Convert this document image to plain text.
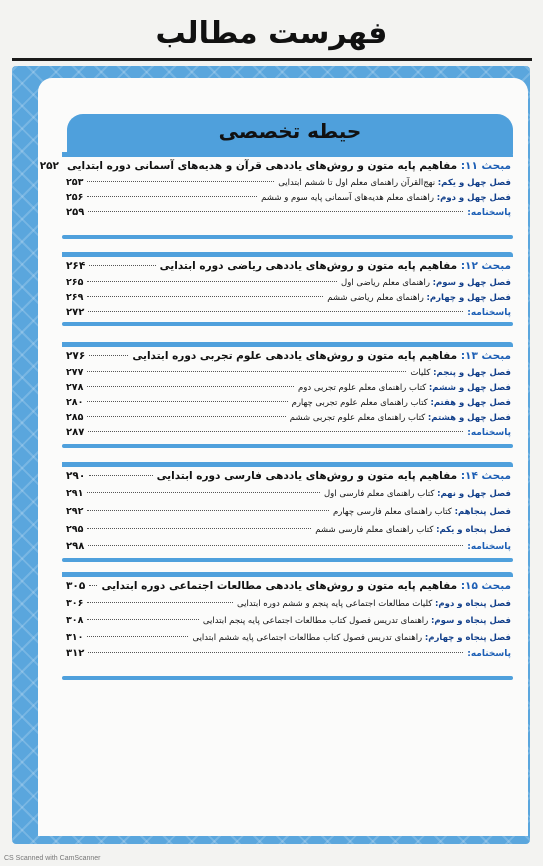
فهرست مطالب
حیطه تخصصی
مبحث ۱۱: مفاهیم پایه متون و روش‌های یاددهی قرآن و هدیه‌های آسمانی دوره ابتدایی
۲۵۲
فصل چهل و یکم: نهج‌القرآن راهنمای معلم اول تا ششم ابتدایی
۲۵۳
فصل چهل و دوم: راهنمای معلم هدیه‌های آسمانی پایه سوم و ششم
۲۵۶
پاسخنامه:
۲۵۹
مبحث ۱۲: مفاهیم پایه متون و روش‌های یاددهی ریاضی دوره ابتدایی
۲۶۴
فصل چهل و سوم: راهنمای معلم ریاضی اول
۲۶۵
فصل چهل و چهارم: راهنمای معلم ریاضی ششم
۲۶۹
پاسخنامه:
۲۷۲
مبحث ۱۳: مفاهیم پایه متون و روش‌های یاددهی علوم تجربی دوره ابتدایی
۲۷۶
فصل چهل و پنجم: کلیات
۲۷۷
فصل چهل و ششم: کتاب راهنمای معلم علوم تجربی دوم
۲۷۸
فصل چهل و هفتم: کتاب راهنمای معلم علوم تجربی چهارم
۲۸۰
فصل چهل و هشتم: کتاب راهنمای معلم علوم تجربی ششم
۲۸۵
پاسخنامه:
۲۸۷
مبحث ۱۴: مفاهیم پایه متون و روش‌های یاددهی فارسی دوره ابتدایی
۲۹۰
فصل چهل و نهم: کتاب راهنمای معلم فارسی اول
۲۹۱
فصل پنجاهم: کتاب راهنمای معلم فارسی چهارم
۲۹۲
فصل پنجاه و یکم: کتاب راهنمای معلم فارسی ششم
۲۹۵
پاسخنامه:
۲۹۸
مبحث ۱۵: مفاهیم پایه متون و روش‌های یاددهی مطالعات اجتماعی دوره ابتدایی
۳۰۵
فصل پنجاه و دوم: کلیات مطالعات اجتماعی پایه پنجم و ششم دوره ابتدایی
۳۰۶
فصل پنجاه و سوم: راهنمای تدریس فصول کتاب مطالعات اجتماعی پایه پنجم ابتدایی
۳۰۸
فصل پنجاه و چهارم: راهنمای تدریس فصول کتاب مطالعات اجتماعی پایه ششم ابتدایی
۳۱۰
پاسخنامه:
۳۱۲
CS Scanned with CamScanner
